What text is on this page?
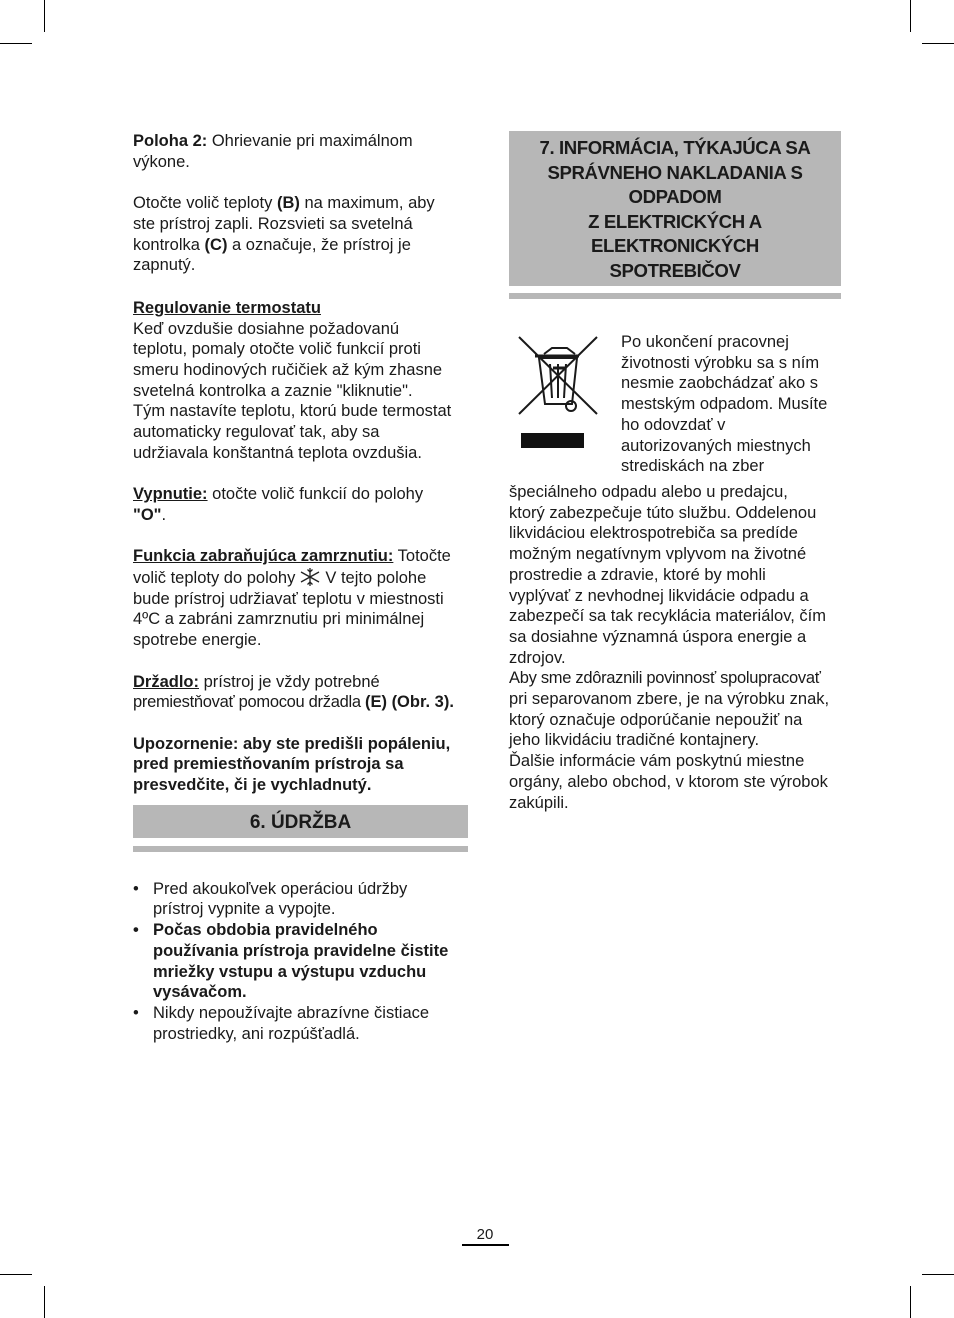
Poloha 2: Ohrievanie pri maximálnom
výkone.

Otočte volič teploty (B) na maximum, aby
ste prístroj zapli. Rozsvieti sa svetelná
kontrolka (C) a označuje, že prístroj je
zapnutý.

Regulovanie termostatu
Keď ovzdušie dosiahne požadovanú
teplotu, pomaly otočte volič funkcií proti
smeru hodinových ručičiek až kým zhasne
svetelná kontrolka a zaznie "kliknutie".
Tým nastavíte teplotu, ktorú bude termostat
automaticky regulovať tak, aby sa
udržiavala konštantná teplota ovzdušia.

Vypnutie: otočte volič funkcií do polohy
"O".

Funkcia zabraňujúca zamrznutiu: Totočte
volič teploty do polohy V tejto polohe
bude prístroj udržiavať teplotu v miestnosti
4ºC a zabráni zamrznutiu pri minimálnej
spotrebe energie.

Držadlo: prístroj je vždy potrebné
premiestňovať pomocou držadla (E) (Obr. 3).

Upozornenie: aby ste predišli popáleniu,
pred premiestňovaním prístroja sa
presvedčite, či je vychladnutý.

6. ÚDRŽBA
• Pred akoukoľvek operáciou údržby
prístroj vypnite a vypojte.
• Počas obdobia pravidelného
používania prístroja pravidelne čistite
mriežky vstupu a výstupu vzduchu
vysávačom.
• Nikdy nepoužívajte abrazívne čistiace
prostriedky, ani rozpúšťadlá.
7. INFORMÁCIA, TÝKAJÚCA SA
SPRÁVNEHO NAKLADANIA S ODPADOM
Z ELEKTRICKÝCH A ELEKTRONICKÝCH
SPOTREBIČOV

Po ukončení pracovnej
životnosti výrobku sa s ním
nesmie zaobchádzať ako s
mestským odpadom. Musíte
ho odovzdať v
autorizovaných miestnych
strediskách na zber

špeciálneho odpadu alebo u predajcu,
ktorý zabezpečuje túto službu. Oddelenou
likvidáciou elektrospotrebiča sa predíde
možným negatívnym vplyvom na životné
prostredie a zdravie, ktoré by mohli
vyplývať z nevhodnej likvidácie odpadu a
zabezpečí sa tak recyklácia materiálov, čím
sa dosiahne významná úspora energie a
zdrojov.
Aby sme zdôraznili povinnosť spolupracovať
pri separovanom zbere, je na výrobku znak,
ktorý označuje odporúčanie nepoužiť na
jeho likvidáciu tradičné kontajnery.
Ďalšie informácie vám poskytnú miestne
orgány, alebo obchod, v ktorom ste výrobok
zakúpili.

20
